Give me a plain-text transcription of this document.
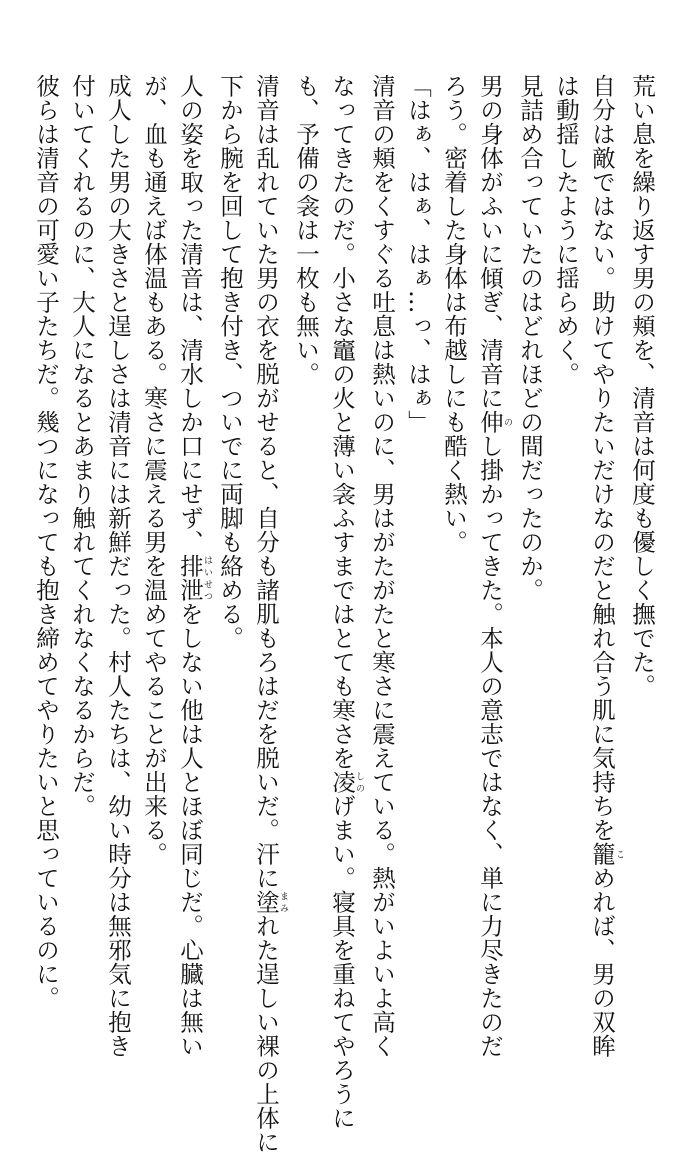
荒い息を繰り返す男の頬を、清音は何度も優しく撫でた。
自分は敵ではない。助けてやりたいだけなのだと触れ合う肌に気持ちを籠こめれば、男の双眸
は動揺したように揺らめく。
見詰め合っていたのはどれほどの間だったのか。
男の身体がふいに傾ぎ、清音に伸のし掛かってきた。本人の意志ではなく、単に力尽きたのだ
ろう。密着した身体は布越しにも酷く熱い。
「はぁ、はぁ、はぁ…っ、はぁ」
清音の頬をくすぐる吐息は熱いのに、男はがたがたと寒さに震えている。熱がいよいよ高く
なってきたのだ。小さな竈の火と薄い衾ふすまではとても寒さを凌しのげまい。寝具を重ねてやろうに
も、予備の衾は一枚も無い。
清音は乱れていた男の衣を脱がせると、自分も諸肌もろはだを脱いだ。汗に塗まみれた逞しい裸の上体に
下から腕を回して抱き付き、ついでに両脚も絡める。
人の姿を取った清音は、清水しか口にせず、排泄はいせつをしない他は人とほぼ同じだ。心臓は無い
が、血も通えば体温もある。寒さに震える男を温めてやることが出来る。
成人した男の大きさと逞しさは清音には新鮮だった。村人たちは、幼い時分は無邪気に抱き
付いてくれるのに、大人になるとあまり触れてくれなくなるからだ。
彼らは清音の可愛い子たちだ。幾つになっても抱き締めてやりたいと思っているのに。
